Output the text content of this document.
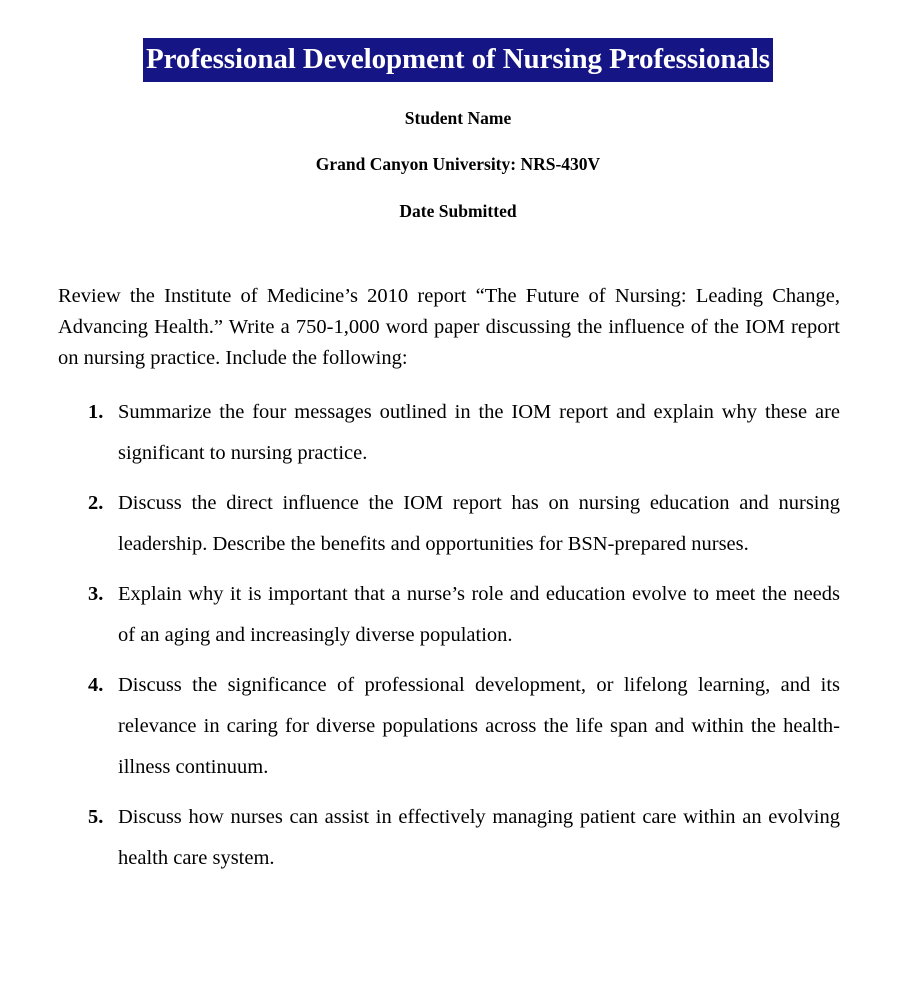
Professional Development of Nursing Professionals

Student Name

Grand Canyon University: NRS-430V

Date Submitted

Review the Institute of Medicine’s 2010 report “The Future of Nursing: Leading Change, Advancing Health.” Write a 750-1,000 word paper discussing the influence of the IOM report on nursing practice. Include the following:

1. Summarize the four messages outlined in the IOM report and explain why these are significant to nursing practice.
2. Discuss the direct influence the IOM report has on nursing education and nursing leadership. Describe the benefits and opportunities for BSN-prepared nurses.
3. Explain why it is important that a nurse’s role and education evolve to meet the needs of an aging and increasingly diverse population.
4. Discuss the significance of professional development, or lifelong learning, and its relevance in caring for diverse populations across the life span and within the health-illness continuum.
5. Discuss how nurses can assist in effectively managing patient care within an evolving health care system.
